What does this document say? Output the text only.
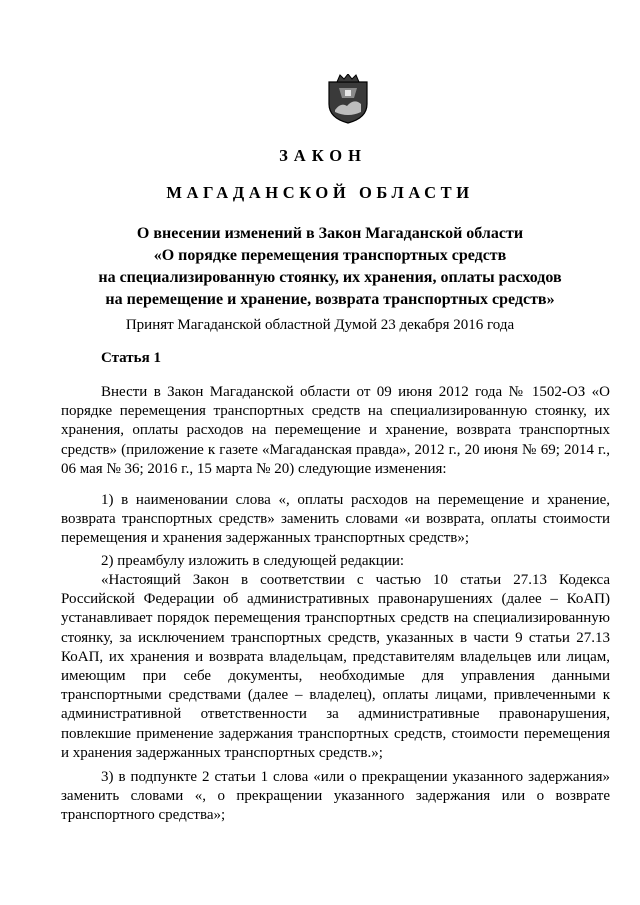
ЗАКОН
МАГАДАНСКОЙ ОБЛАСТИ
О внесении изменений в Закон Магаданской области
«О порядке перемещения транспортных средств
на специализированную стоянку, их хранения, оплаты расходов
на перемещение и хранение, возврата транспортных средств»
Принят Магаданской областной Думой 23 декабря 2016 года
Статья 1
Внести в Закон Магаданской области от 09 июня 2012 года № 1502-ОЗ «О порядке перемещения транспортных средств на специализированную стоянку, их хранения, оплаты расходов на перемещение и хранение, возврата транспортных средств» (приложение к газете «Магаданская правда», 2012 г., 20 июня № 69; 2014 г., 06 мая № 36; 2016 г., 15 марта № 20) следующие изменения:
1) в наименовании слова «, оплаты расходов на перемещение и хранение, возврата транспортных средств» заменить словами «и возврата, оплаты стоимости перемещения и хранения задержанных транспортных средств»;
2) преамбулу изложить в следующей редакции:
«Настоящий Закон в соответствии с частью 10 статьи 27.13 Кодекса Российской Федерации об административных правонарушениях (далее – КоАП) устанавливает порядок перемещения транспортных средств на специализированную стоянку, за исключением транспортных средств, указанных в части 9 статьи 27.13 КоАП, их хранения и возврата владельцам, представителям владельцев или лицам, имеющим при себе документы, необходимые для управления данными транспортными средствами (далее – владелец), оплаты лицами, привлеченными к административной ответственности за административные правонарушения, повлекшие применение задержания транспортных средств, стоимости перемещения и хранения задержанных транспортных средств.»;
3) в подпункте 2 статьи 1 слова «или о прекращении указанного задержания» заменить словами «, о прекращении указанного задержания или о возврате транспортного средства»;
